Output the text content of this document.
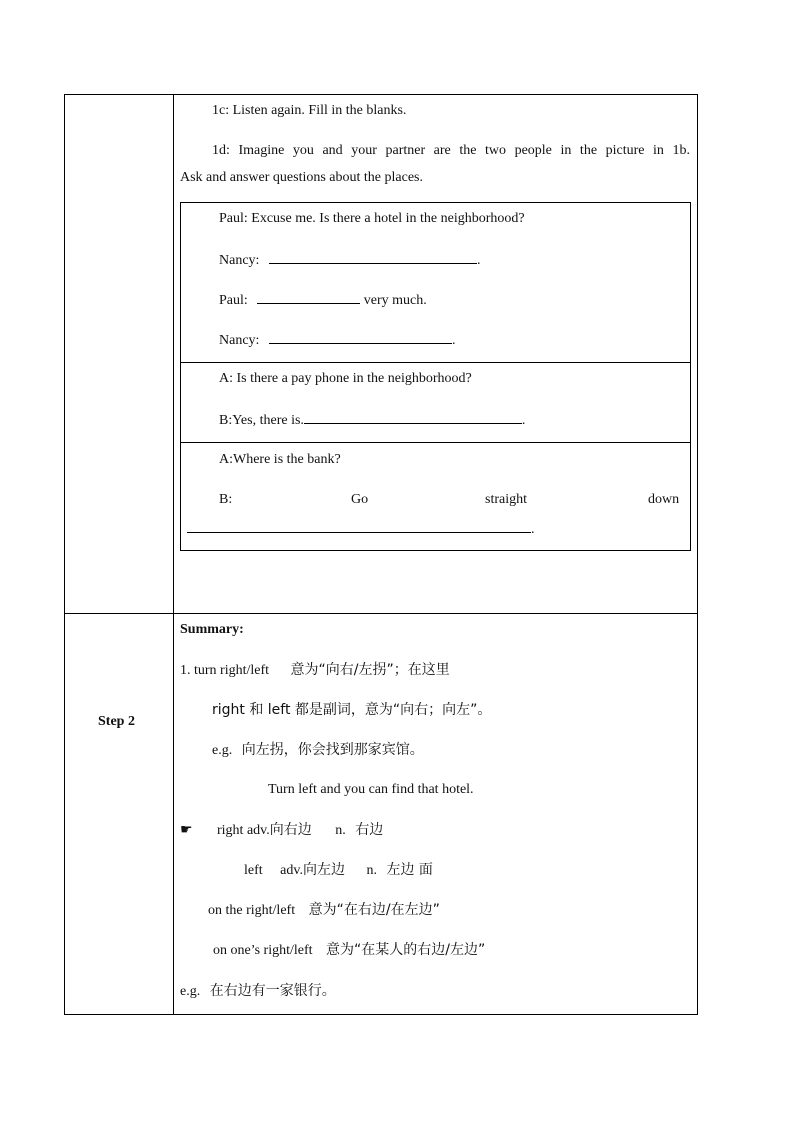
1c: Listen again. Fill in the blanks.
1d: Imagine you and your partner are the two people in the picture in 1b.
Ask and answer questions about the places.
Paul: Excuse me. Is there a hotel in the neighborhood?
Nancy:	.
Paul:	very much.
Nancy:	.
A: Is there a pay phone in the neighborhood?
B:Yes, there is.	.
A:Where is the bank?
B:	Go	straight	down
.
Step 2
Summary:
1. turn right/left 意为“向右/左拐”；在这里
right 和 left 都是副词，意为“向右；向左”。
e.g. 向左拐，你会找到那家宾馆。
Turn left and you can find that hotel.
☛ right adv.向右边 n. 右边
left adv.向左边 n. 左边 面
on the right/left 意为“在右边/在左边”
on one’s right/left 意为“在某人的右边/左边”
e.g. 在右边有一家银行。
